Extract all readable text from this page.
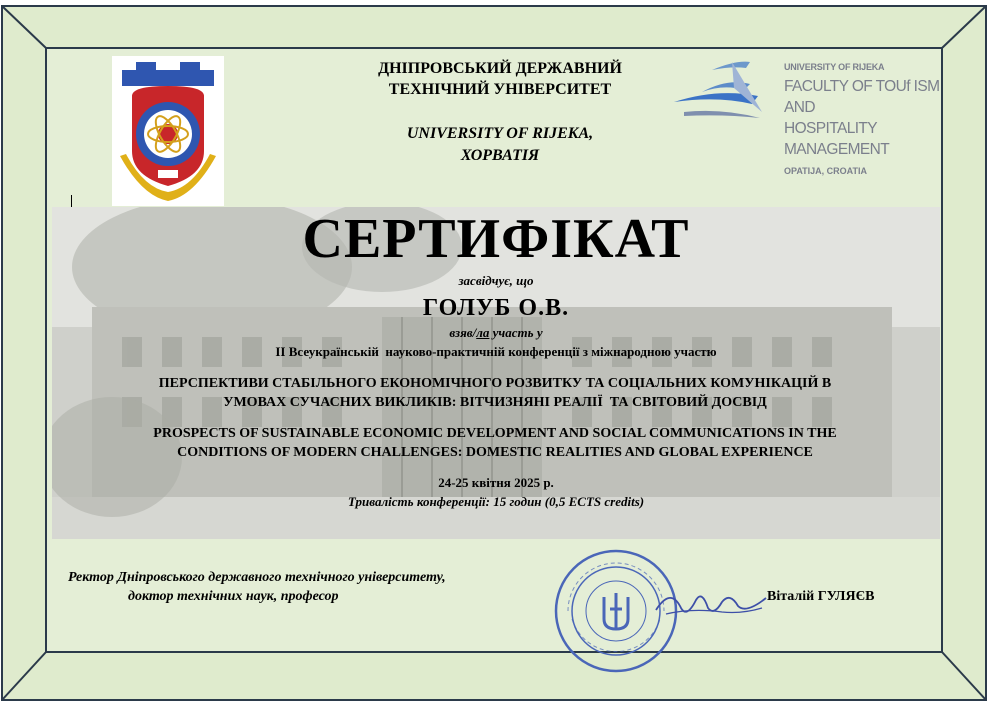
UNIVERSITY OF RIJEKA
FACULTY OF TOUf ISM AND
HOSPITALITY MANAGEMENT
OPATIJA, CROATIA
ДНІПРОВСЬКИЙ ДЕРЖАВНИЙ
ТЕХНІЧНИЙ УНІВЕРСИТЕТ
UNIVERSITY OF RIJEKA,
ХОРВАТІЯ
СЕРТИФІКАТ
засвідчує, що
ГОЛУБ О.В.
взяв/ла участь у
ІІ Всеукраїнській  науково-практичній конференції з міжнародною участю
ПЕРСПЕКТИВИ СТАБІЛЬНОГО ЕКОНОМІЧНОГО РОЗВИТКУ ТА СОЦІАЛЬНИХ КОМУНІКАЦІЙ В
УМОВАХ СУЧАСНИХ ВИКЛИКІВ: ВІТЧИЗНЯНІ РЕАЛІЇ  ТА СВІТОВИЙ ДОСВІД
PROSPECTS OF SUSTAINABLE ECONOMIC DEVELOPMENT AND SOCIAL COMMUNICATIONS IN THE
CONDITIONS OF MODERN CHALLENGES: DOMESTIC REALITIES AND GLOBAL EXPERIENCE
24-25 квітня 2025 р.
Тривалість конференції: 15 годин (0,5 ECTS credits)
Ректор Дніпровського державного технічного університету,
доктор технічних наук, професор	Віталій ГУЛЯЄВ
